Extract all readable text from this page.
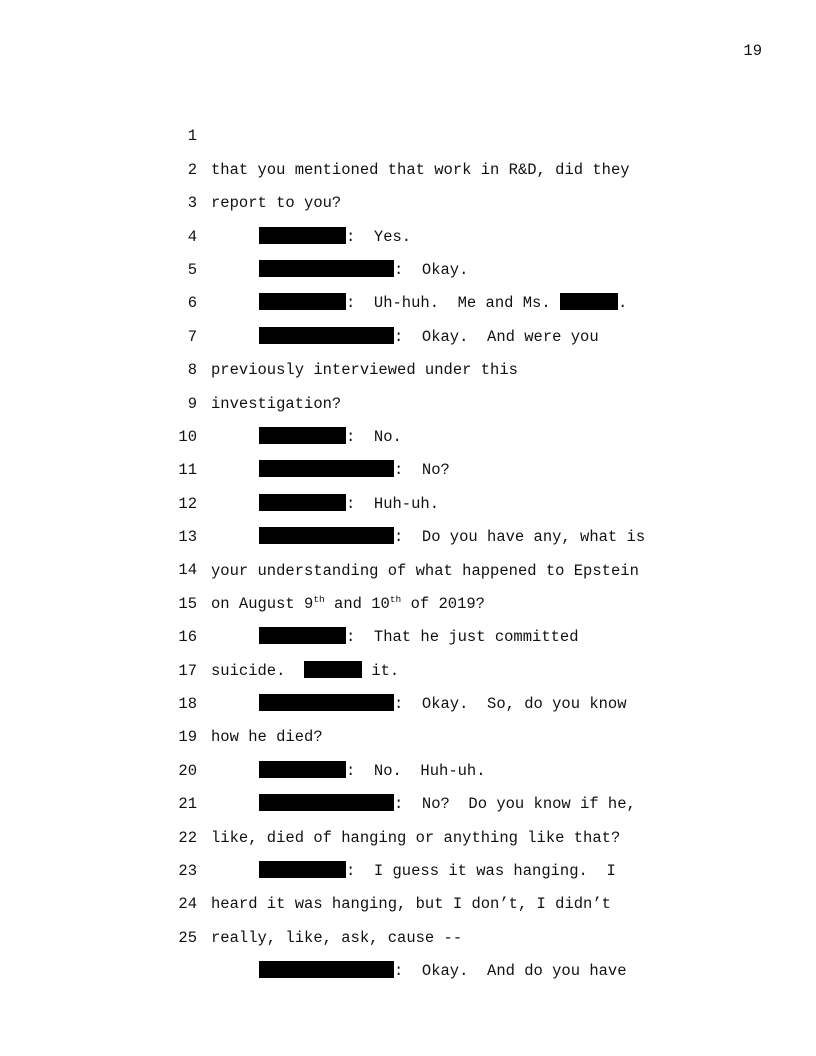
19

1

that you mentioned that work in R&D, did they

2

report to you?

3

:  Yes.

4

:  Okay.

5

:  Uh-huh.  Me and Ms.	.

6

:  Okay.  And were you

7

previously interviewed under this

8

investigation?

9

:  No.

10

:  No?

11

:  Huh-uh.

12

:  Do you have any, what is

13

your understanding of what happened to Epstein

14

on August 9th and 10th of 2019?

15

:  That he just committed

16

suicide.	it.

17

:  Okay.  So, do you know

18

how he died?

19

:  No.  Huh-uh.

20

:  No?  Do you know if he,

21

like, died of hanging or anything like that?

22

:  I guess it was hanging.  I

23

heard it was hanging, but I don’t, I didn’t

24

really, like, ask, cause --

25

:  Okay.  And do you have
